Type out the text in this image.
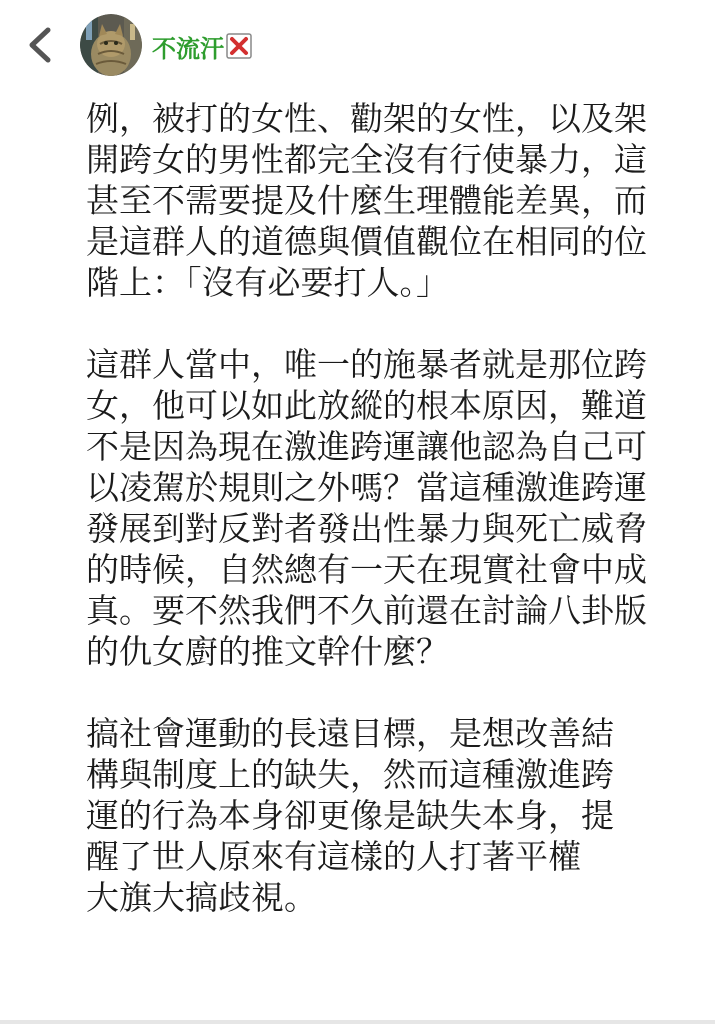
不流汗

例，被打的女性、勸架的女性，以及架
開跨女的男性都完全沒有行使暴力，這
甚至不需要提及什麼生理體能差異，而
是這群人的道德與價值觀位在相同的位
階上：「沒有必要打人。」

這群人當中，唯一的施暴者就是那位跨
女，他可以如此放縱的根本原因，難道
不是因為現在激進跨運讓他認為自己可
以凌駕於規則之外嗎？當這種激進跨運
發展到對反對者發出性暴力與死亡威脅
的時候，自然總有一天在現實社會中成
真。要不然我們不久前還在討論八卦版
的仇女廚的推文幹什麼？

搞社會運動的長遠目標，是想改善結
構與制度上的缺失，然而這種激進跨
運的行為本身卻更像是缺失本身，提
醒了世人原來有這樣的人打著平權
大旗大搞歧視。
